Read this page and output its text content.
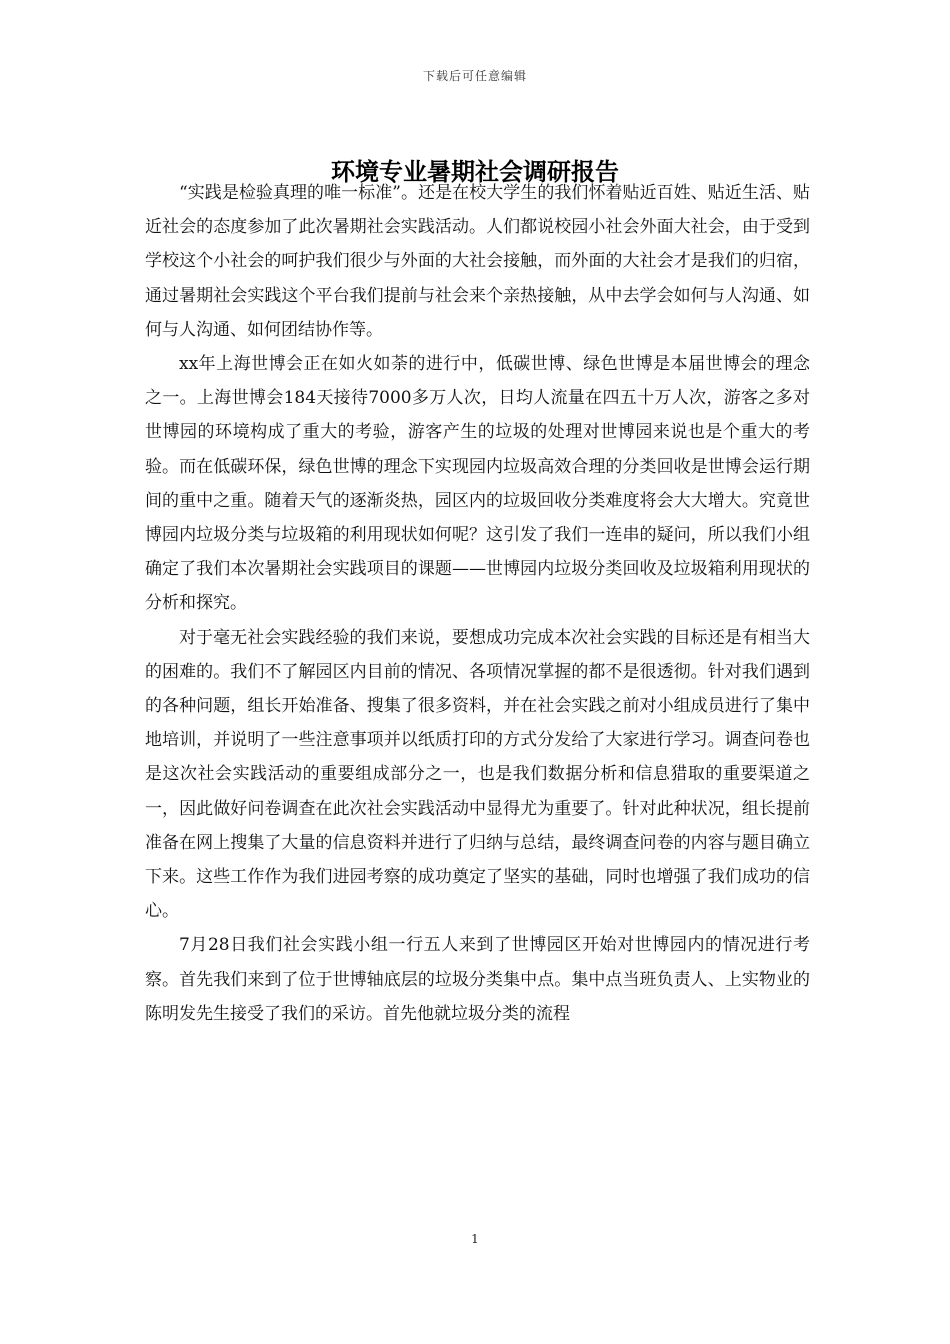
下载后可任意编辑
环境专业暑期社会调研报告

“实践是检验真理的唯一标准”。还是在校大学生的我们怀着贴近百姓、贴近生活、贴近社会的态度参加了此次暑期社会实践活动。人们都说校园小社会外面大社会，由于受到学校这个小社会的呵护我们很少与外面的大社会接触，而外面的大社会才是我们的归宿，通过暑期社会实践这个平台我们提前与社会来个亲热接触，从中去学会如何与人沟通、如何与人沟通、如何团结协作等。

xx年上海世博会正在如火如荼的进行中，低碳世博、绿色世博是本届世博会的理念之一。上海世博会184天接待7000多万人次，日均人流量在四五十万人次，游客之多对世博园的环境构成了重大的考验，游客产生的垃圾的处理对世博园来说也是个重大的考验。而在低碳环保，绿色世博的理念下实现园内垃圾高效合理的分类回收是世博会运行期间的重中之重。随着天气的逐渐炎热，园区内的垃圾回收分类难度将会大大增大。究竟世博园内垃圾分类与垃圾箱的利用现状如何呢？这引发了我们一连串的疑问，所以我们小组确定了我们本次暑期社会实践项目的课题——世博园内垃圾分类回收及垃圾箱利用现状的分析和探究。

对于毫无社会实践经验的我们来说，要想成功完成本次社会实践的目标还是有相当大的困难的。我们不了解园区内目前的情况、各项情况掌握的都不是很透彻。针对我们遇到的各种问题，组长开始准备、搜集了很多资料，并在社会实践之前对小组成员进行了集中地培训，并说明了一些注意事项并以纸质打印的方式分发给了大家进行学习。调查问卷也是这次社会实践活动的重要组成部分之一，也是我们数据分析和信息猎取的重要渠道之一，因此做好问卷调查在此次社会实践活动中显得尤为重要了。针对此种状况，组长提前准备在网上搜集了大量的信息资料并进行了归纳与总结，最终调查问卷的内容与题目确立下来。这些工作作为我们进园考察的成功奠定了坚实的基础，同时也增强了我们成功的信心。

7月28日我们社会实践小组一行五人来到了世博园区开始对世博园内的情况进行考察。首先我们来到了位于世博轴底层的垃圾分类集中点。集中点当班负责人、上实物业的陈明发先生接受了我们的采访。首先他就垃圾分类的流程

1
